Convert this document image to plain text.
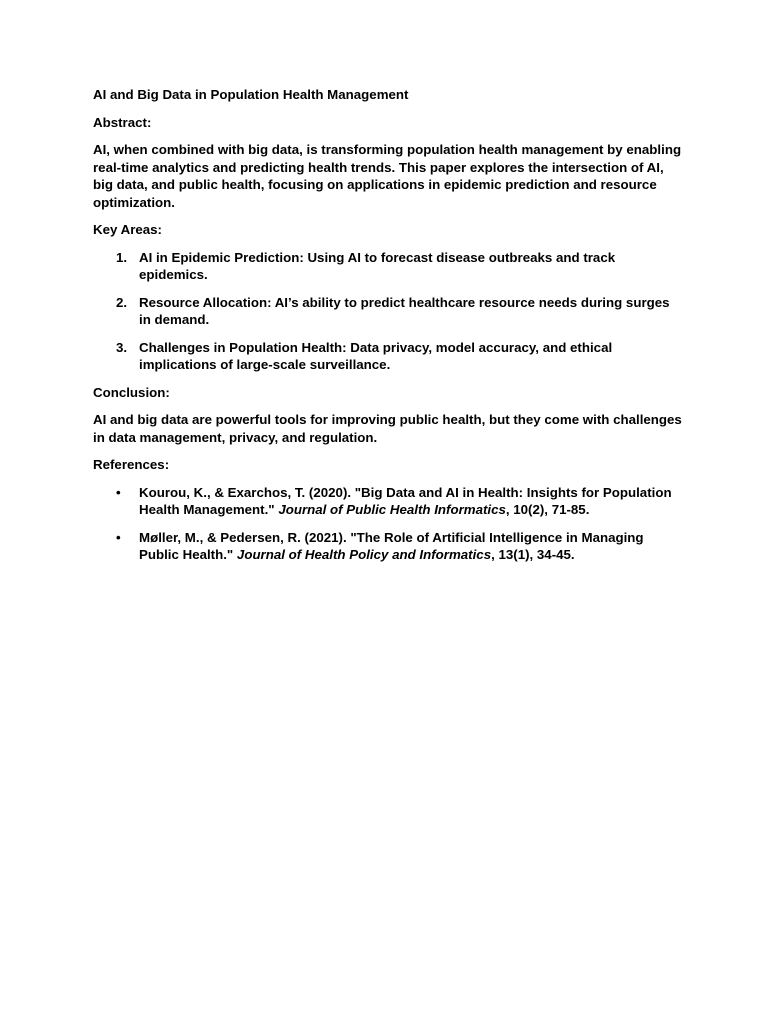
AI and Big Data in Population Health Management

Abstract:

AI, when combined with big data, is transforming population health management by enabling real-time analytics and predicting health trends. This paper explores the intersection of AI, big data, and public health, focusing on applications in epidemic prediction and resource optimization.

Key Areas:

1. AI in Epidemic Prediction: Using AI to forecast disease outbreaks and track epidemics.
2. Resource Allocation: AI’s ability to predict healthcare resource needs during surges in demand.
3. Challenges in Population Health: Data privacy, model accuracy, and ethical implications of large-scale surveillance.

Conclusion:

AI and big data are powerful tools for improving public health, but they come with challenges in data management, privacy, and regulation.

References:

• Kourou, K., & Exarchos, T. (2020). "Big Data and AI in Health: Insights for Population Health Management." Journal of Public Health Informatics, 10(2), 71-85.
• Møller, M., & Pedersen, R. (2021). "The Role of Artificial Intelligence in Managing Public Health." Journal of Health Policy and Informatics, 13(1), 34-45.
